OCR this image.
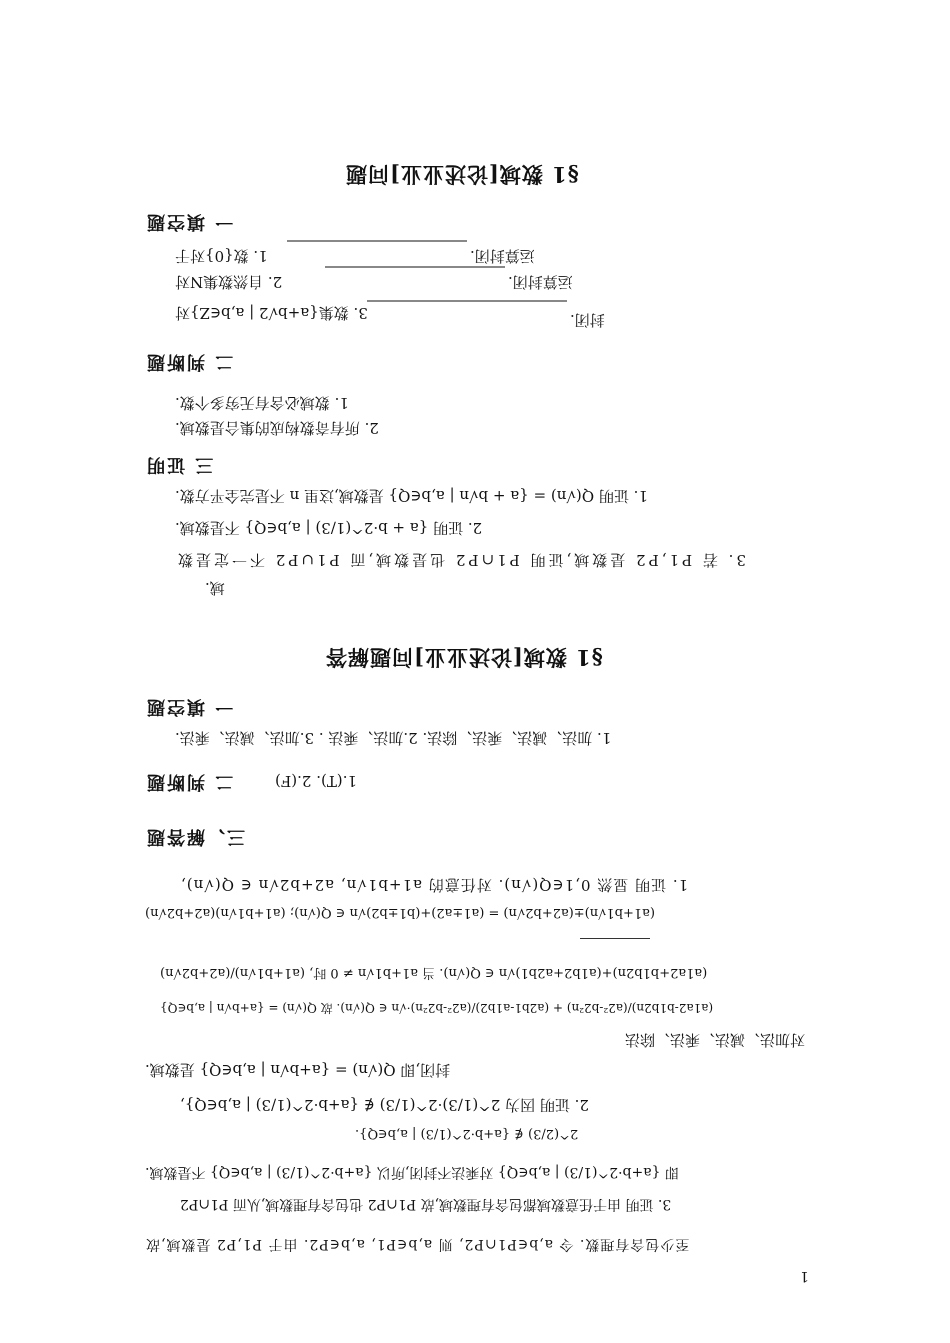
§1 数域[论述业业]问题
一 填空题
1. 数{0}对于	运算封闭.
2. 自然数集N对	运算封闭.
3. 数集{a+b√2 | a,b∈Z}对	封闭.
二 判断题
1. 数域必含有无穷多个数.
2. 所有奇数构成的集合是数域.
三 证明
1. 证明 Q(√n) = {a + b√n | a,b∈Q} 是数域,这里 n 不是完全平方数.
2. 证明 {a + b·2^(1/3) | a,b∈Q} 不是数域.
3. 若 P1,P2 是数域,证明 P1∩P2 也是数域,而 P1∪P2 不一定是数
域.
§1 数域[论述业业]问题解答
一 填空题
1. 加法、减法、乘法、除法. 2.加法、乘法 . 3.加法、减法、乘法.
二 判断题	1.(T). 2.(F)
三、解答题
1. 证明 显然 0,1∈Q(√n). 对任意的 a1+b1√n, a2+b2√n ∈ Q(√n),
(a1+b1√n)±(a2+b2√n) = (a1±a2)+(b1±b2)√n ∈ Q(√n); (a1+b1√n)(a2+b2√n)
(a1a2+b1b2n)+(a1b2+a2b1)√n ∈ Q(√n). 当 a1+b1√n ≠ 0 时, (a1+b1√n)/(a2+b2√n)
(a1a2-b1b2n)/(a2²-b2²n) + (a2b1-a1b2)/(a2²-b2²n)·√n ∈ Q(√n). 故 Q(√n) = {a+b√n | a,b∈Q}
对加法、减法、乘法、除法
封闭,即 Q(√n) = {a+b√n | a,b∈Q} 是数域.
2. 证明 因为 2^(1/3)·2^(1/3) ∉ {a+b·2^(1/3) | a,b∈Q},
2^(2/3) ∉ {a+b·2^(1/3) | a,b∈Q}.
即 {a+b·2^(1/3) | a,b∈Q} 对乘法不封闭,所以 {a+b·2^(1/3) | a,b∈Q} 不是数域.
3. 证明 由于任意数域都包含有理数域,故 P1∩P2 也包含有理数域,从而 P1∩P2
至少包含有理数. 令 a,b∈P1∩P2, 则 a,b∈P1, a,b∈P2. 由于 P1,P2 是数域,故
1
